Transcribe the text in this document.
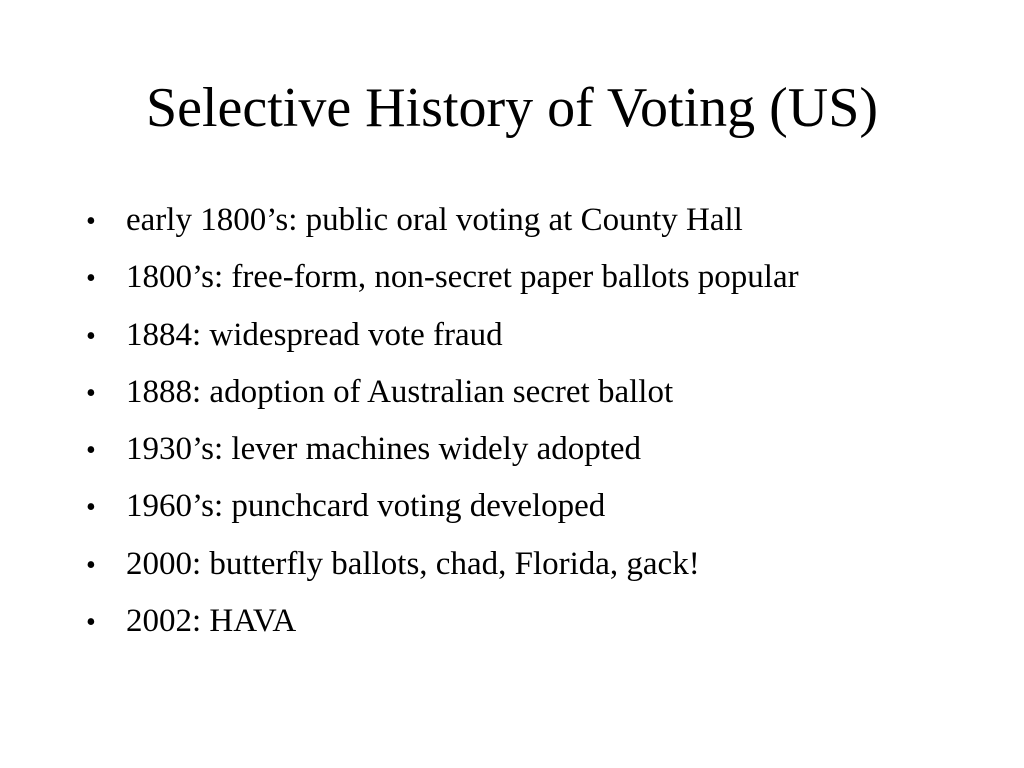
Selective History of Voting (US)
• early 1800’s: public oral voting at County Hall
• 1800’s: free-form, non-secret paper ballots popular
• 1884: widespread vote fraud
• 1888: adoption of Australian secret ballot
• 1930’s: lever machines widely adopted
• 1960’s: punchcard voting developed
• 2000: butterfly ballots, chad, Florida, gack!
• 2002: HAVA
